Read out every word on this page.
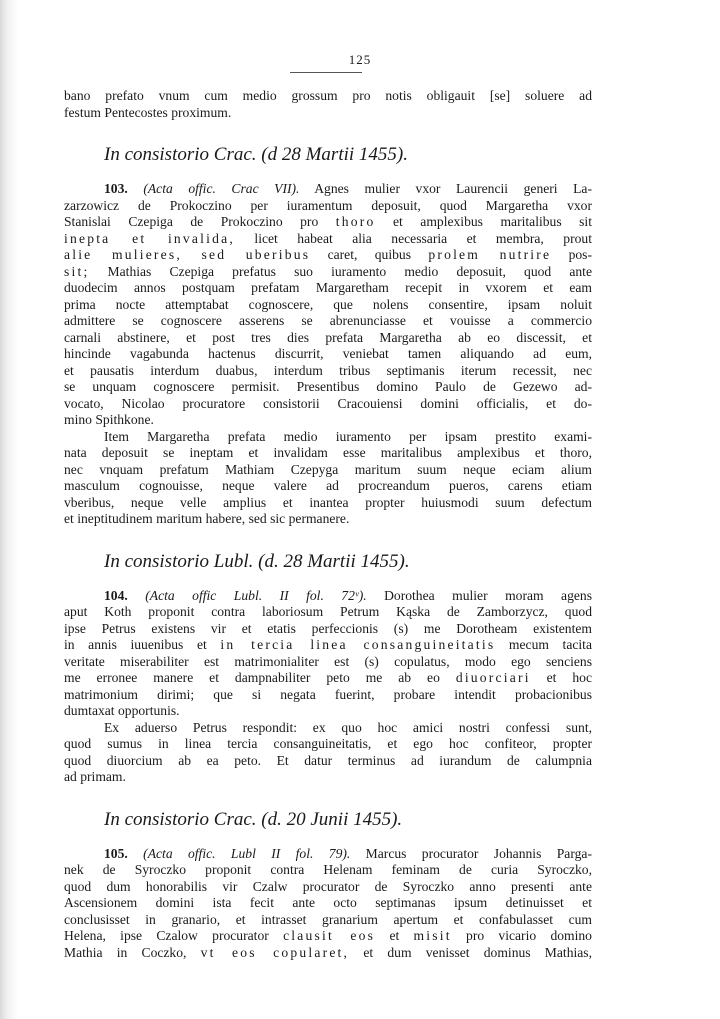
125
bano prefato vnum cum medio grossum pro notis obligauit [se] soluere ad
festum Pentecostes proximum.
In consistorio Crac. (d 28 Martii 1455).
103. (Acta offic. Crac VII). Agnes mulier vxor Laurencii generi La-
zarzowicz de Prokoczino per iuramentum deposuit, quod Margaretha vxor
Stanislai Czepiga de Prokoczino pro thoro et amplexibus maritalibus sit
inepta et invalida, licet habeat alia necessaria et membra, prout
alie mulieres, sed uberibus caret, quibus prolem nutrire pos-
sit; Mathias Czepiga prefatus suo iuramento medio deposuit, quod ante
duodecim annos postquam prefatam Margaretham recepit in vxorem et eam
prima nocte attemptabat cognoscere, que nolens consentire, ipsam noluit
admittere se cognoscere asserens se abrenunciasse et vouisse a commercio
carnali abstinere, et post tres dies prefata Margaretha ab eo discessit, et
hincinde vagabunda hactenus discurrit, veniebat tamen aliquando ad eum,
et pausatis interdum duabus, interdum tribus septimanis iterum recessit, nec
se unquam cognoscere permisit. Presentibus domino Paulo de Gezewo ad-
vocato, Nicolao procuratore consistorii Cracouiensi domini officialis, et do-
mino Spithkone.
Item Margaretha prefata medio iuramento per ipsam prestito exami-
nata deposuit se ineptam et invalidam esse maritalibus amplexibus et thoro,
nec vnquam prefatum Mathiam Czepyga maritum suum neque eciam alium
masculum cognouisse, neque valere ad procreandum pueros, carens etiam
vberibus, neque velle amplius et inantea propter huiusmodi suum defectum
et ineptitudinem maritum habere, sed sic permanere.
In consistorio Lubl. (d. 28 Martii 1455).
104. (Acta offic Lubl. II fol. 72ᵛ). Dorothea mulier moram agens
aput Koth proponit contra laboriosum Petrum Kąska de Zamborzycz, quod
ipse Petrus existens vir et etatis perfeccionis (s) me Dorotheam existentem
in annis iuuenibus et in tercia linea consanguineitatis mecum tacita
veritate miserabiliter est matrimonialiter est (s) copulatus, modo ego senciens
me erronee manere et dampnabiliter peto me ab eo diuorciari et hoc
matrimonium dirimi; que si negata fuerint, probare intendit probacionibus
dumtaxat opportunis.
Ex aduerso Petrus respondit: ex quo hoc amici nostri confessi sunt,
quod sumus in linea tercia consanguineitatis, et ego hoc confiteor, propter
quod diuorcium ab ea peto. Et datur terminus ad iurandum de calumpnia
ad primam.
In consistorio Crac. (d. 20 Junii 1455).
105. (Acta offic. Lubl II fol. 79). Marcus procurator Johannis Parga-
nek de Syroczko proponit contra Helenam feminam de curia Syroczko,
quod dum honorabilis vir Czalw procurator de Syroczko anno presenti ante
Ascensionem domini ista fecit ante octo septimanas ipsum detinuisset et
conclusisset in granario, et intrasset granarium apertum et confabulasset cum
Helena, ipse Czalow procurator clausit eos et misit pro vicario domino
Mathia in Coczko, vt eos copularet, et dum venisset dominus Mathias,
